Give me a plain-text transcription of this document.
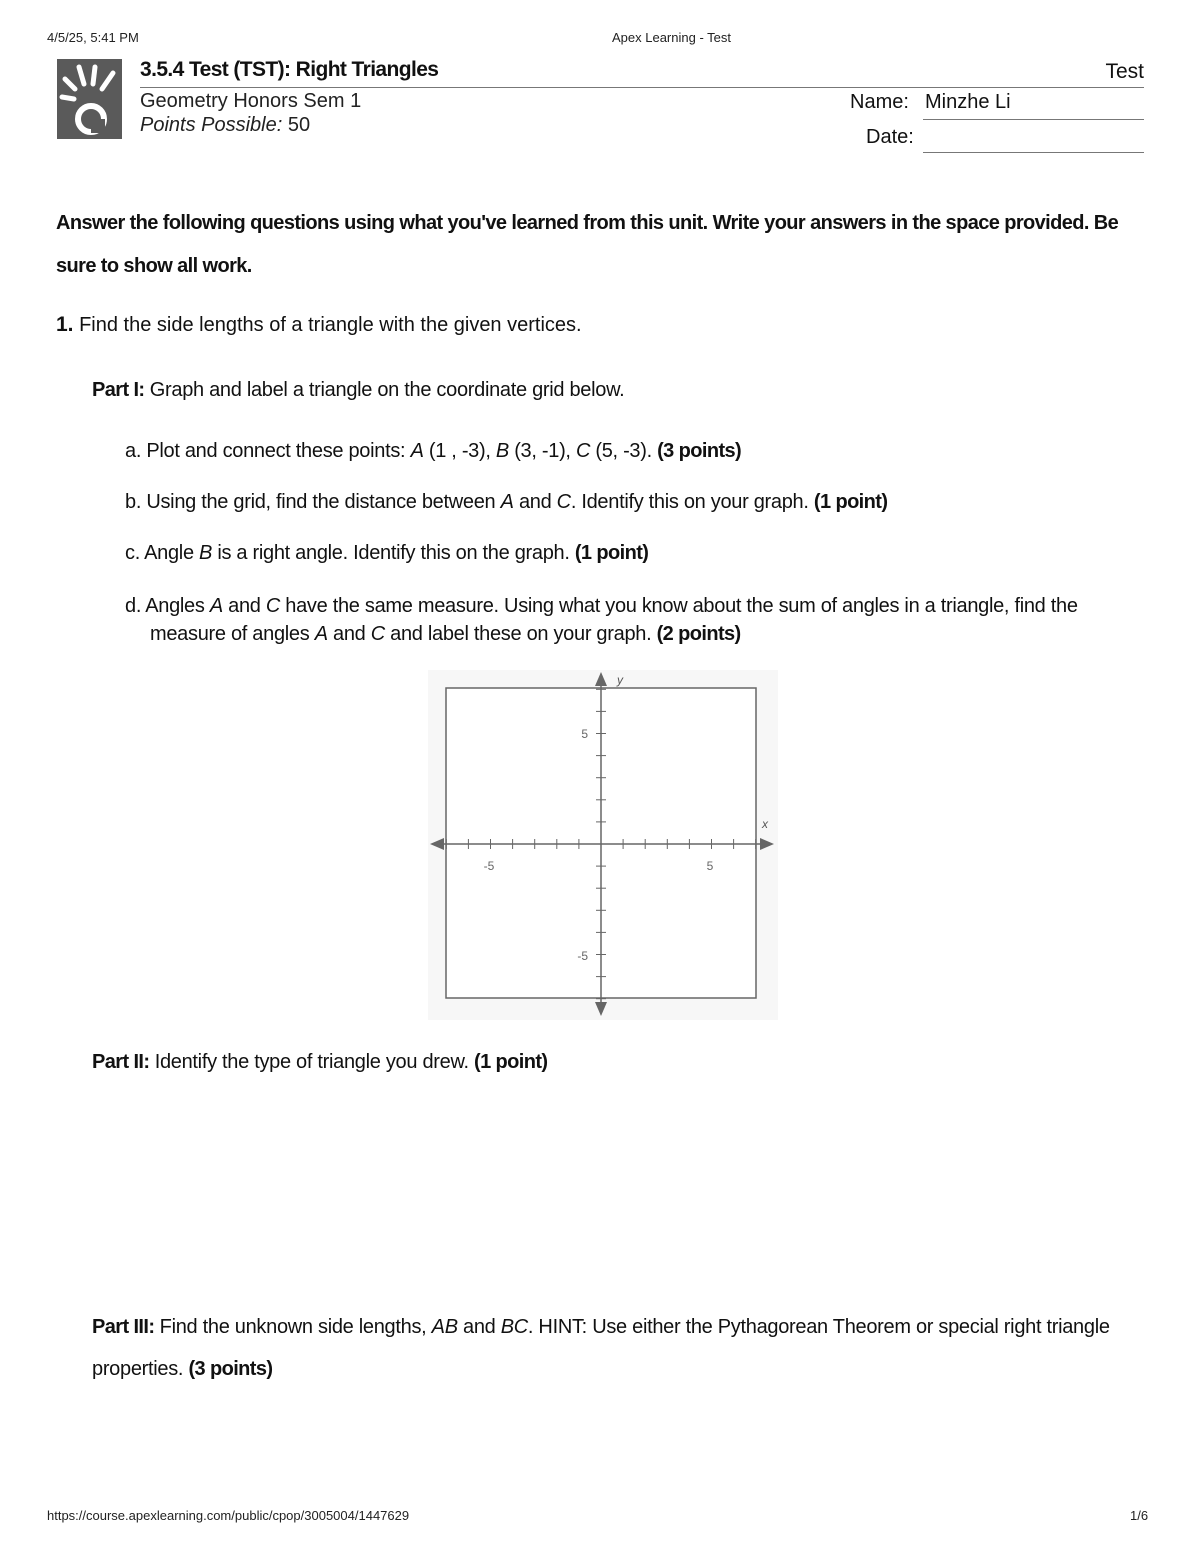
4/5/25, 5:41 PM	Apex Learning - Test
3.5.4 Test (TST): Right Triangles	Test
Geometry Honors Sem 1
Points Possible: 50
Name: Minzhe Li
Date:
Answer the following questions using what you've learned from this unit. Write your answers in the space provided. Be sure to show all work.
1. Find the side lengths of a triangle with the given vertices.
Part I: Graph and label a triangle on the coordinate grid below.
a. Plot and connect these points: A (1 , -3), B (3, -1), C (5, -3). (3 points)
b. Using the grid, find the distance between A and C. Identify this on your graph. (1 point)
c. Angle B is a right angle. Identify this on the graph. (1 point)
d. Angles A and C have the same measure. Using what you know about the sum of angles in a triangle, find the measure of angles A and C and label these on your graph. (2 points)
x
y
-5	5
5
-5
Part II: Identify the type of triangle you drew. (1 point)
Part III: Find the unknown side lengths, AB and BC. HINT: Use either the Pythagorean Theorem or special right triangle properties. (3 points)
https://course.apexlearning.com/public/cpop/3005004/1447629	1/6
